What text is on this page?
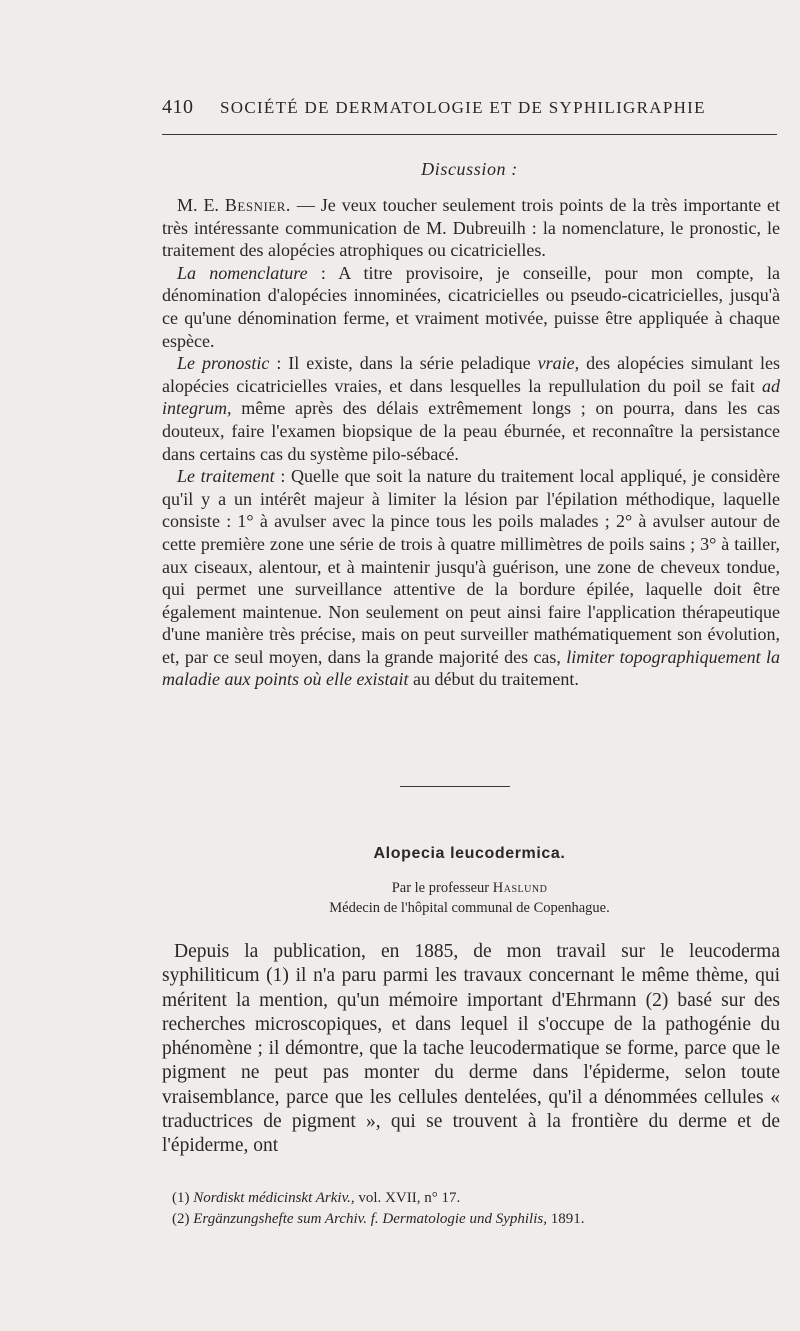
410	SOCIÉTÉ DE DERMATOLOGIE ET DE SYPHILIGRAPHIE
Discussion :

M. E. Besnier. — Je veux toucher seulement trois points de la très importante et très intéressante communication de M. Dubreuilh : la nomenclature, le pronostic, le traitement des alopécies atrophiques ou cicatricielles.

La nomenclature : A titre provisoire, je conseille, pour mon compte, la dénomination d'alopécies innominées, cicatricielles ou pseudo-cicatricielles, jusqu'à ce qu'une dénomination ferme, et vraiment motivée, puisse être appliquée à chaque espèce.

Le pronostic : Il existe, dans la série peladique vraie, des alopécies simulant les alopécies cicatricielles vraies, et dans lesquelles la repullulation du poil se fait ad integrum, même après des délais extrêmement longs ; on pourra, dans les cas douteux, faire l'examen biopsique de la peau éburnée, et reconnaître la persistance dans certains cas du système pilo-sébacé.

Le traitement : Quelle que soit la nature du traitement local appliqué, je considère qu'il y a un intérêt majeur à limiter la lésion par l'épilation méthodique, laquelle consiste : 1° à avulser avec la pince tous les poils malades ; 2° à avulser autour de cette première zone une série de trois à quatre millimètres de poils sains ; 3° à tailler, aux ciseaux, alentour, et à maintenir jusqu'à guérison, une zone de cheveux tondue, qui permet une surveillance attentive de la bordure épilée, laquelle doit être également maintenue. Non seulement on peut ainsi faire l'application thérapeutique d'une manière très précise, mais on peut surveiller mathématiquement son évolution, et, par ce seul moyen, dans la grande majorité des cas, limiter topographiquement la maladie aux points où elle existait au début du traitement.

Alopecia leucodermica.
Par le professeur Haslund
Médecin de l'hôpital communal de Copenhague.

Depuis la publication, en 1885, de mon travail sur le leucoderma syphiliticum (1) il n'a paru parmi les travaux concernant le même thème, qui méritent la mention, qu'un mémoire important d'Ehrmann (2) basé sur des recherches microscopiques, et dans lequel il s'occupe de la pathogénie du phénomène ; il démontre, que la tache leucodermatique se forme, parce que le pigment ne peut pas monter du derme dans l'épiderme, selon toute vraisemblance, parce que les cellules dentelées, qu'il a dénommées cellules « traductrices de pigment », qui se trouvent à la frontière du derme et de l'épiderme, ont

(1) Nordiskt médicinskt Arkiv., vol. XVII, n° 17.
(2) Ergänzungshefte sum Archiv. f. Dermatologie und Syphilis, 1891.
